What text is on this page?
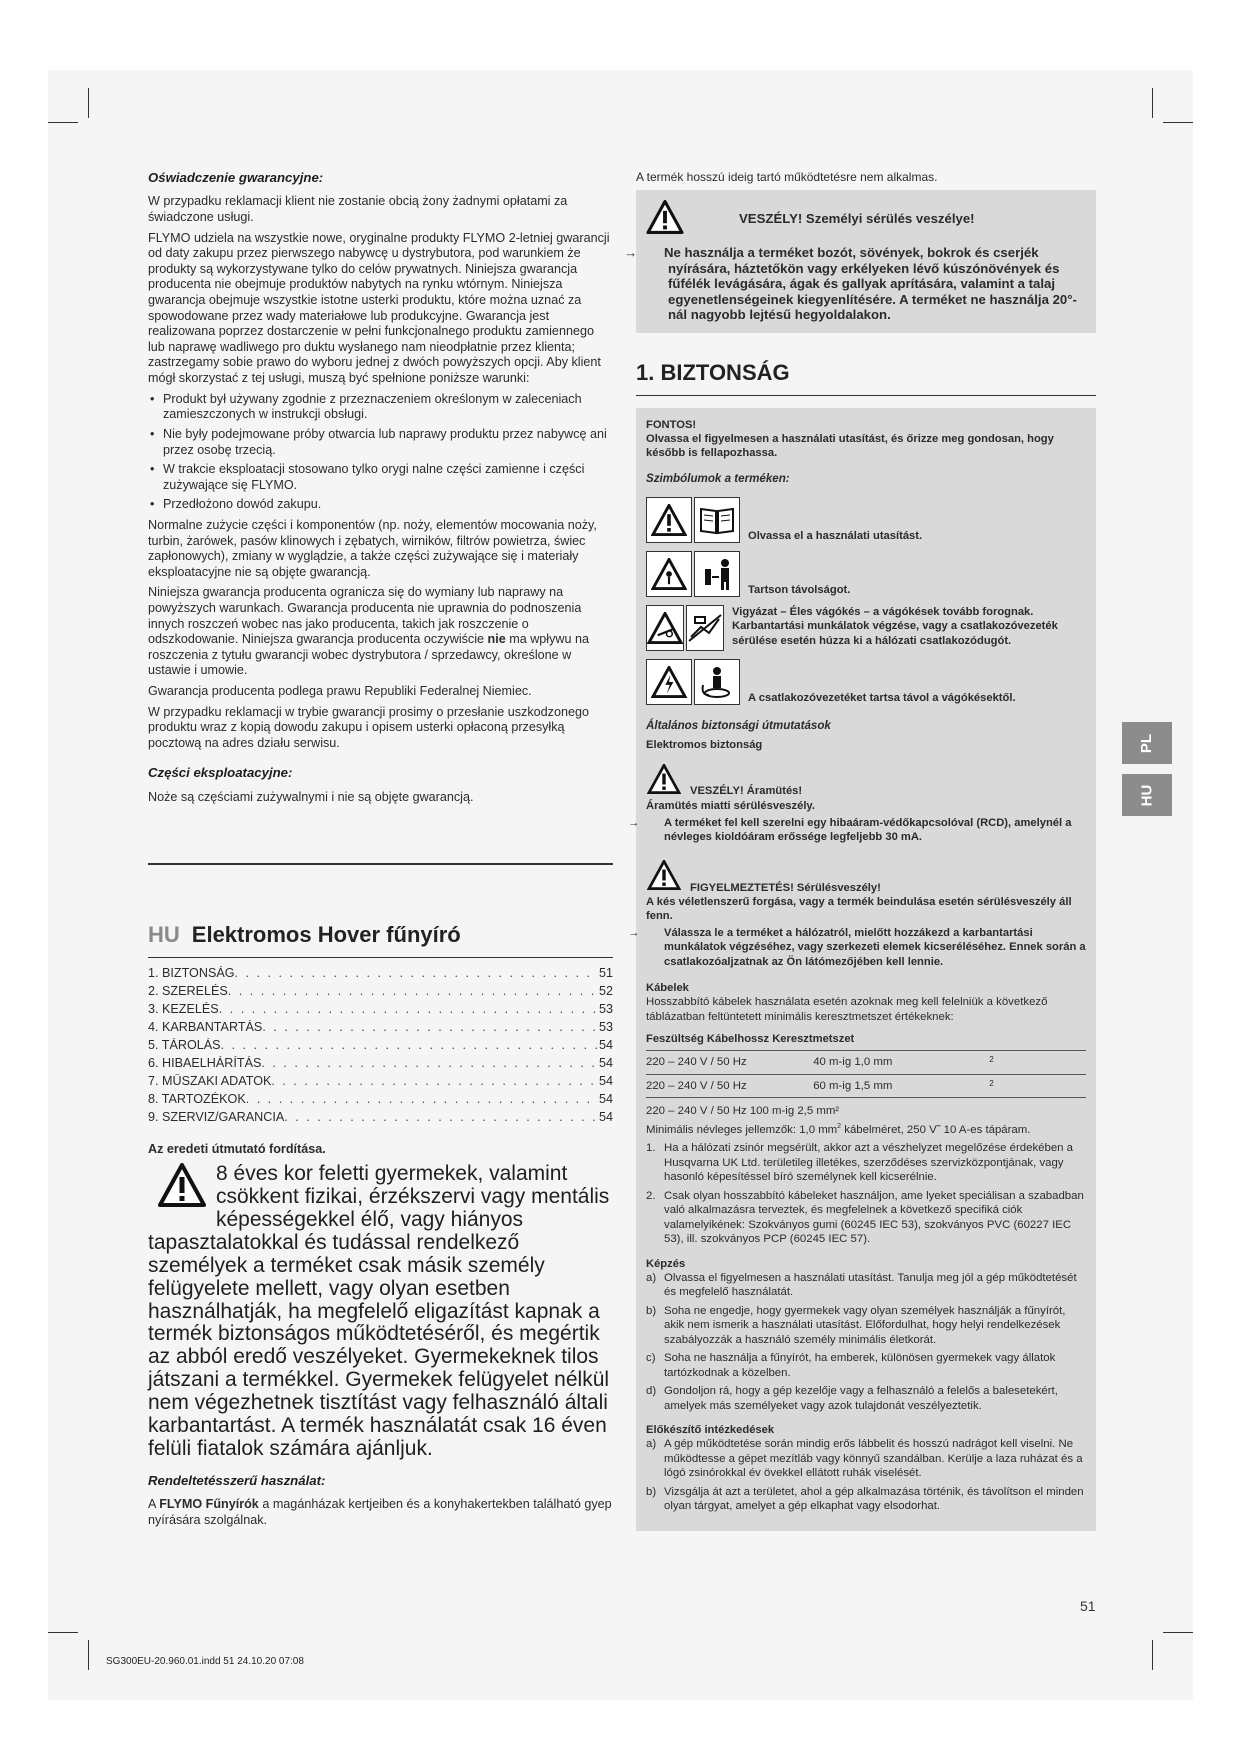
Oświadczenie gwarancyjne:

W przypadku reklamacji klient nie zostanie obcią żony żadnymi opłatami za świadczone usługi.

FLYMO udziela na wszystkie nowe, oryginalne produkty FLYMO 2-letniej gwarancji od daty zakupu przez pierwszego nabywcę u dystrybutora, pod warunkiem że produkty są wykorzystywane tylko do celów prywatnych. Niniejsza gwarancja producenta nie obejmuje produktów nabytych na rynku wtórnym. Niniejsza gwarancja obejmuje wszystkie istotne usterki produktu, które można uznać za spowodowane przez wady materiałowe lub produkcyjne. Gwarancja jest realizowana poprzez dostarczenie w pełni funkcjonalnego produktu zamiennego lub naprawę wadliwego pro duktu wysłanego nam nieodpłatnie przez klienta; zastrzegamy sobie prawo do wyboru jednej z dwóch powyższych opcji. Aby klient mógł skorzystać z tej usługi, muszą być spełnione poniższe warunki:

• Produkt był używany zgodnie z przeznaczeniem określonym w zaleceniach zamieszczonych w instrukcji obsługi.
• Nie były podejmowane próby otwarcia lub naprawy produktu przez nabywcę ani przez osobę trzecią.
• W trakcie eksploatacji stosowano tylko orygi nalne części zamienne i części zużywające się FLYMO.
• Przedłożono dowód zakupu.

Normalne zużycie części i komponentów (np. noży, elementów mocowania noży, turbin, żarówek, pasów klinowych i zębatych, wirników, filtrów powietrza, świec zapłonowych), zmiany w wyglądzie, a także części zużywające się i materiały eksploatacyjne nie są objęte gwarancją.

Niniejsza gwarancja producenta ogranicza się do wymiany lub naprawy na powyższych warunkach. Gwarancja producenta nie uprawnia do podnoszenia innych roszczeń wobec nas jako producenta, takich jak roszczenie o odszkodowanie. Niniejsza gwarancja producenta oczywiście nie ma wpływu na roszczenia z tytułu gwarancji wobec dystrybutora / sprzedawcy, określone w ustawie i umowie.

Gwarancja producenta podlega prawu Republiki Federalnej Niemiec.

W przypadku reklamacji w trybie gwarancji prosimy o przesłanie uszkodzonego produktu wraz z kopią dowodu zakupu i opisem usterki opłaconą przesyłką pocztową na adres działu serwisu.

Części eksploatacyjne:

Noże są częściami zużywalnymi i nie są objęte gwarancją.

HU Elektromos Hover fűnyíró
1. BIZTONSÁG . . .	51
2. SZERELÉS . . .	52
3. KEZELÉS . . .	53
4. KARBANTARTÁS . . .	53
5. TÁROLÁS . . .	54
6. HIBAELHÁRÍTÁS . . .	54
7. MŰSZAKI ADATOK . . .	54
8. TARTOZÉKOK . . .	54
9. SZERVIZ/GARANCIA . . .	54

Az eredeti útmutató fordítása.

8 éves kor feletti gyermekek, valamint csökkent fizikai, érzékszervi vagy mentális képességekkel élő, vagy hiányos tapasztalatokkal és tudással rendelkező személyek a terméket csak másik személy felügyelete mellett, vagy olyan esetben használhatják, ha megfelelő eligazítást kapnak a termék biztonságos működtetéséről, és megértik az abból eredő veszélyeket. Gyermekeknek tilos játszani a termékkel. Gyermekek felügyelet nélkül nem végezhetnek tisztítást vagy felhasználó általi karbantartást. A termék használatát csak 16 éven felüli fiatalok számára ajánljuk.
Rendeltetésszerű használat:

A FLYMO Fűnyírók a magánházak kertjeiben és a konyhakertekben található gyep nyírására szolgálnak.

A termék hosszú ideig tartó működtetésre nem alkalmas.

VESZÉLY! Személyi sérülés veszélye!
→ Ne használja a terméket bozót, sövények, bokrok és cserjék nyírására, háztetőkön vagy erkélyeken lévő kúszónövények és fűfélék levágására, ágak és gallyak aprítására, valamint a talaj egyenetlenségeinek kiegyenlítésére. A terméket ne használja 20°-nál nagyobb lejtésű hegyoldalakon.
1. BIZTONSÁG
FONTOS!
Olvassa el figyelmesen a használati utasítást, és őrizze meg gondosan, hogy később is fellapozhassa.
Szimbólumok a terméken:
Olvassa el a használati utasítást.
Tartson távolságot.
Vigyázat – Éles vágókés – a vágókések tovább forognak. Karbantartási munkálatok végzése, vagy a csatlakozóvezeték sérülése esetén húzza ki a hálózati csatlakozódugót.
A csatlakozóvezetéket tartsa távol a vágókésektől.
Általános biztonsági útmutatások
Elektromos biztonság
VESZÉLY! Áramütés!
Áramütés miatti sérülésveszély.
→ A terméket fel kell szerelni egy hibaáram-védőkapcsolóval (RCD), amelynél a névleges kioldóáram erőssége legfeljebb 30 mA.
FIGYELMEZTETÉS! Sérülésveszély!
A kés véletlenszerű forgása, vagy a termék beindulása esetén sérülésveszély áll fenn.
→ Válassza le a terméket a hálózatról, mielőtt hozzákezd a karbantartási munkálatok végzéséhez, vagy szerkezeti elemek kicseréléséhez. Ennek során a csatlakozóaljzatnak az Ön látómezőjében kell lennie.
Kábelek
Hosszabbító kábelek használata esetén azoknak meg kell felelniük a következő táblázatban feltüntetett minimális keresztmetszet értékeknek:
Feszültség Kábelhossz Keresztmetszet
220 – 240 V / 50 Hz	40 m-ig 1,0 mm	2
220 – 240 V / 50 Hz	60 m-ig 1,5 mm	2
220 – 240 V / 50 Hz 100 m-ig 2,5 mm²
Minimális névleges jellemzők: 1,0 $mm^2$ kábelméret, 250 V˜ 10 A-es tápáram.
1. Ha a hálózati zsinór megsérült, akkor azt a vészhelyzet megelőzése érdekében a Husqvarna UK Ltd. területileg illetékes, szerződéses szervizközpontjának, vagy hasonló képesítéssel bíró személynek kell kicserélnie.
2. Csak olyan hosszabbító kábeleket használjon, ame lyeket speciálisan a szabadban való alkalmazásra terveztek, és megfelelnek a következő specifiká ciók valamelyikének: Szokványos gumi (60245 IEC 53), szokványos PVC (60227 IEC 53), ill. szokványos PCP (60245 IEC 57).
Képzés
a) Olvassa el figyelmesen a használati utasítást. Tanulja meg jól a gép működtetését és megfelelő használatát.
b) Soha ne engedje, hogy gyermekek vagy olyan személyek használják a fűnyírót, akik nem ismerik a használati utasítást. Előfordulhat, hogy helyi rendelkezések szabályozzák a használó személy minimális életkorát.
c) Soha ne használja a fűnyírót, ha emberek, különösen gyermekek vagy állatok tartózkodnak a közelben.
d) Gondoljon rá, hogy a gép kezelője vagy a felhasználó a felelős a balesetekért, amelyek más személyeket vagy azok tulajdonát veszélyeztetik.
Előkészítő intézkedések
a) A gép működtetése során mindig erős lábbelit és hosszú nadrágot kell viselni. Ne működtesse a gépet mezítláb vagy könnyű szandálban. Kerülje a laza ruházat és a lógó zsinórokkal év övekkel ellátott ruhák viselését.
b) Vizsgálja át azt a területet, ahol a gép alkalmazása történik, és távolítson el minden olyan tárgyat, amelyet a gép elkaphat vagy elsodorhat.
PL
HU
51
SG300EU-20.960.01.indd 51 24.10.20 07:08
